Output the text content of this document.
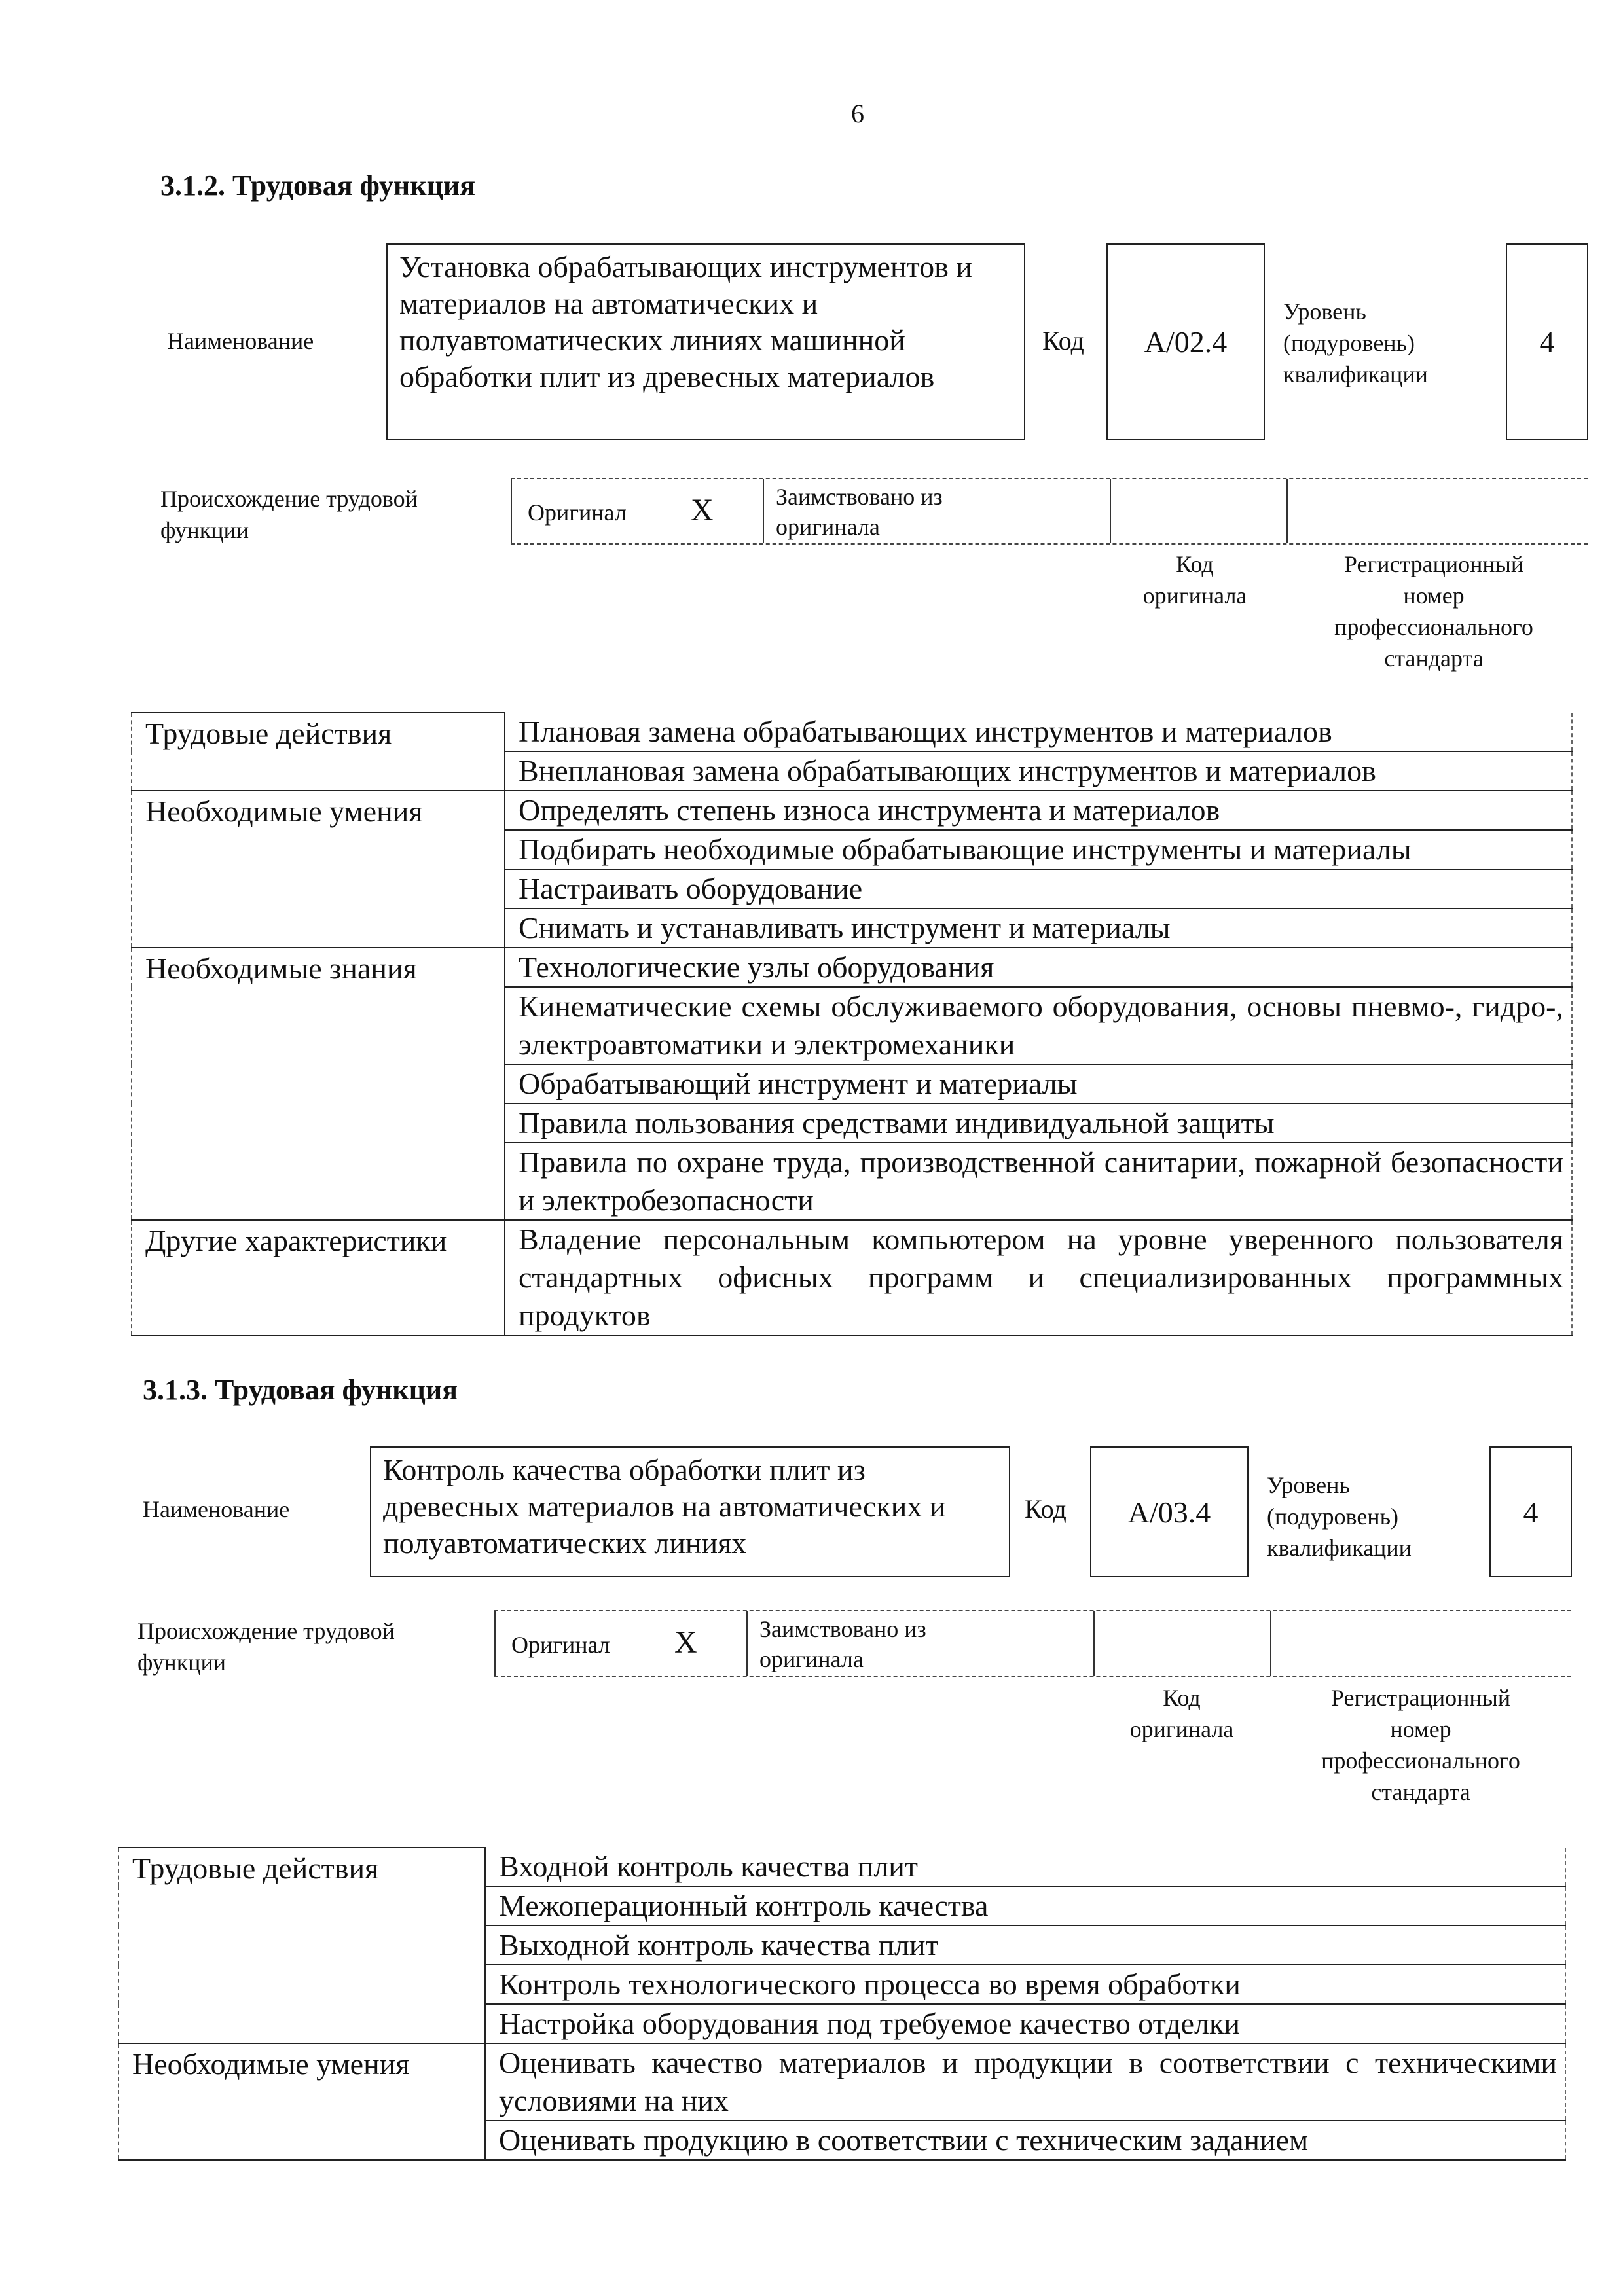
6
3.1.2. Трудовая функция
Наименование
Установка обрабатывающих инструментов и материалов на автоматических и полуавтоматических линиях машинной обработки плит из древесных материалов
Код	A/02.4
Уровень
(подуровень)
квалификации
4
Происхождение трудовой
функции
Оригинал X	Заимствовано из
оригинала
Код
оригинала
Регистрационный
номер
профессионального
стандарта
Трудовые действия	Плановая замена обрабатывающих инструментов и материалов
	Внеплановая замена обрабатывающих инструментов и материалов
Необходимые умения	Определять степень износа инструмента и материалов
	Подбирать необходимые обрабатывающие инструменты и материалы
	Настраивать оборудование
	Снимать и устанавливать инструмент и материалы
Необходимые знания	Технологические узлы оборудования
	Кинематические схемы обслуживаемого оборудования, основы пневмо-, гидро-, электроавтоматики и электромеханики
	Обрабатывающий инструмент и материалы
	Правила пользования средствами индивидуальной защиты
	Правила по охране труда, производственной санитарии, пожарной безопасности и электробезопасности
Другие характеристики	Владение персональным компьютером на уровне уверенного пользователя стандартных офисных программ и специализированных программных продуктов
3.1.3. Трудовая функция
Наименование
Контроль качества обработки плит из древесных материалов на автоматических и полуавтоматических линиях
Код	A/03.4
Уровень
(подуровень)
квалификации
4
Происхождение трудовой
функции
Оригинал X	Заимствовано из
оригинала
Код
оригинала
Регистрационный
номер
профессионального
стандарта
Трудовые действия	Входной контроль качества плит
	Межоперационный контроль качества
	Выходной контроль качества плит
	Контроль технологического процесса во время обработки
	Настройка оборудования под требуемое качество отделки
Необходимые умения	Оценивать качество материалов и продукции в соответствии с техническими условиями на них
	Оценивать продукцию в соответствии с техническим заданием
